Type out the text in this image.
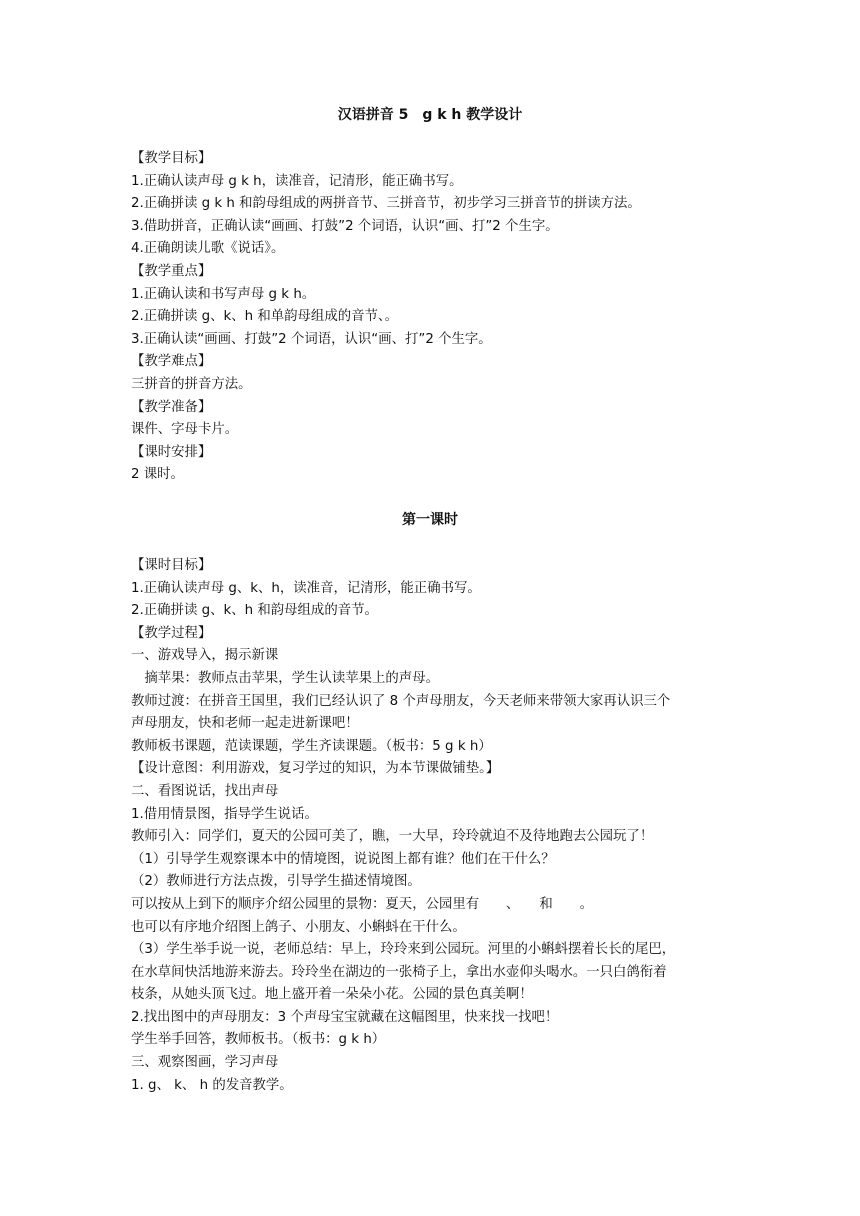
汉语拼音 5　g k h 教学设计

【教学目标】

1.正确认读声母 g k h，读准音，记清形，能正确书写。

2.正确拼读 g k h 和韵母组成的两拼音节、三拼音节，初步学习三拼音节的拼读方法。

3.借助拼音，正确认读“画画、打鼓”2 个词语，认识“画、打”2 个生字。

4.正确朗读儿歌《说话》。

【教学重点】

1.正确认读和书写声母 g k h。

2.正确拼读 g、k、h 和单韵母组成的音节、。

3.正确认读“画画、打鼓”2 个词语，认识“画、打”2 个生字。

【教学难点】

三拼音的拼音方法。

【教学准备】

课件、字母卡片。

【课时安排】

2 课时。

第一课时

【课时目标】

1.正确认读声母 g、k、h，读准音，记清形，能正确书写。

2.正确拼读 g、k、h 和韵母组成的音节。

【教学过程】

一、游戏导入，揭示新课

　摘苹果：教师点击苹果，学生认读苹果上的声母。

教师过渡：在拼音王国里，我们已经认识了 8 个声母朋友，今天老师来带领大家再认识三个

声母朋友，快和老师一起走进新课吧！

教师板书课题，范读课题，学生齐读课题。（板书：5 g k h）

【设计意图：利用游戏，复习学过的知识，为本节课做铺垫。】

二、看图说话，找出声母

1.借用情景图，指导学生说话。

教师引入：同学们，夏天的公园可美了，瞧，一大早，玲玲就迫不及待地跑去公园玩了！

（1）引导学生观察课本中的情境图，说说图上都有谁？他们在干什么？

（2）教师进行方法点拨，引导学生描述情境图。

可以按从上到下的顺序介绍公园里的景物：夏天，公园里有　　、　　和　　。

也可以有序地介绍图上鸽子、小朋友、小蝌蚪在干什么。

（3）学生举手说一说，老师总结：早上，玲玲来到公园玩。河里的小蝌蚪摆着长长的尾巴，

在水草间快活地游来游去。玲玲坐在湖边的一张椅子上，拿出水壶仰头喝水。一只白鸽衔着

枝条，从她头顶飞过。地上盛开着一朵朵小花。公园的景色真美啊！

2.找出图中的声母朋友：3 个声母宝宝就藏在这幅图里，快来找一找吧！

学生举手回答，教师板书。（板书：g k h）

三、观察图画，学习声母

1. g、 k、 h 的发音教学。
